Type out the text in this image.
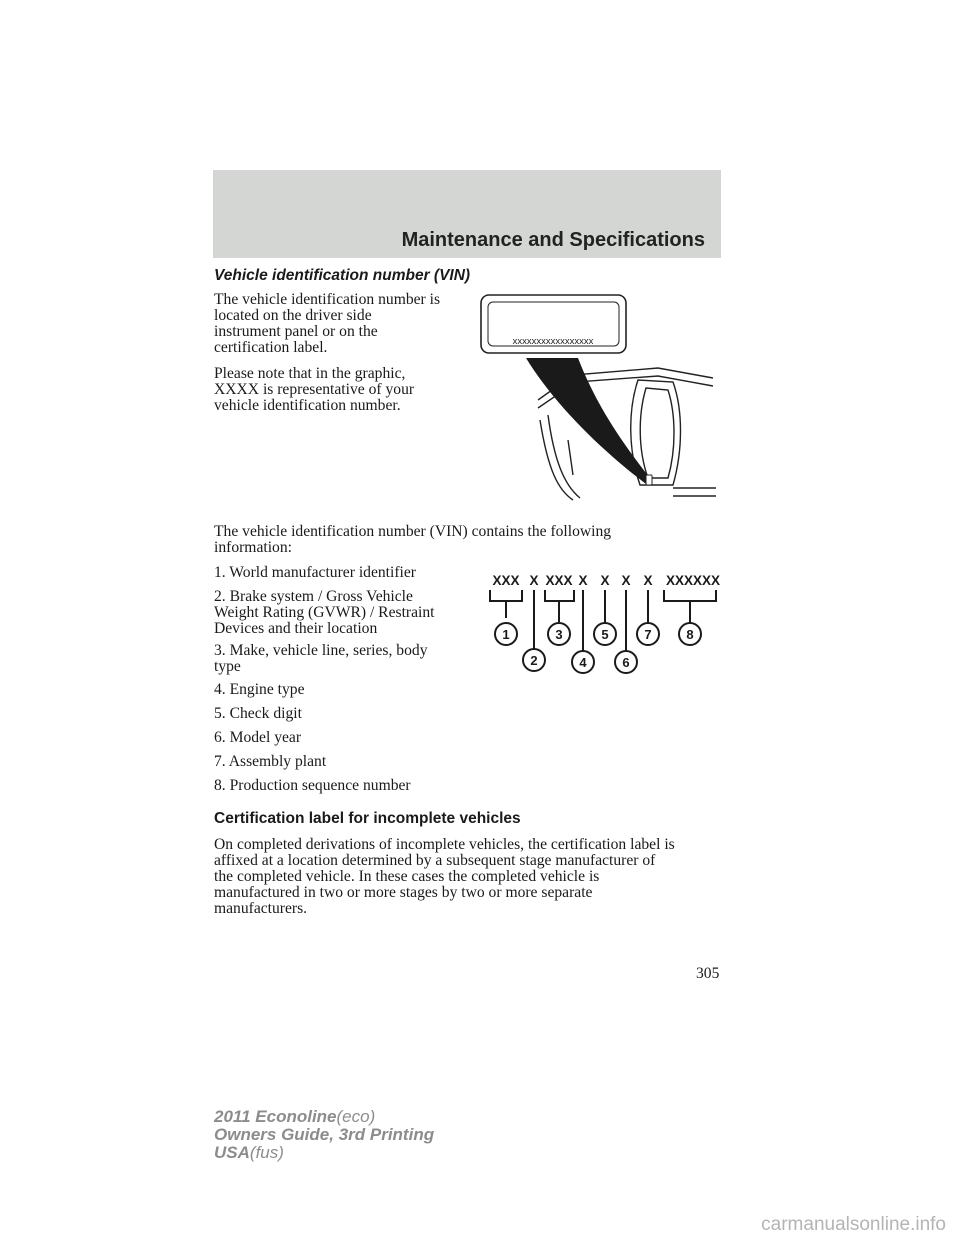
Maintenance and Specifications
Vehicle identification number (VIN)

The vehicle identification number is
located on the driver side
instrument panel or on the
certification label.

Please note that in the graphic,
XXXX is representative of your
vehicle identification number.

xxxxxxxxxxxxxxxxx

The vehicle identification number (VIN) contains the following
information:

1. World manufacturer identifier

2. Brake system / Gross Vehicle
Weight Rating (GVWR) / Restraint
Devices and their location

3. Make, vehicle line, series, body
type

4. Engine type

5. Check digit

6. Model year

7. Assembly plant

8. Production sequence number

XXX X XXX X X X X XXXXXX
1
2
3
4
5
6
7	8
Certification label for incomplete vehicles

On completed derivations of incomplete vehicles, the certification label is
affixed at a location determined by a subsequent stage manufacturer of
the completed vehicle. In these cases the completed vehicle is
manufactured in two or more stages by two or more separate
manufacturers.

305
2011 Econoline(eco)
Owners Guide, 3rd Printing
USA(fus)
carmanualsonline.info
